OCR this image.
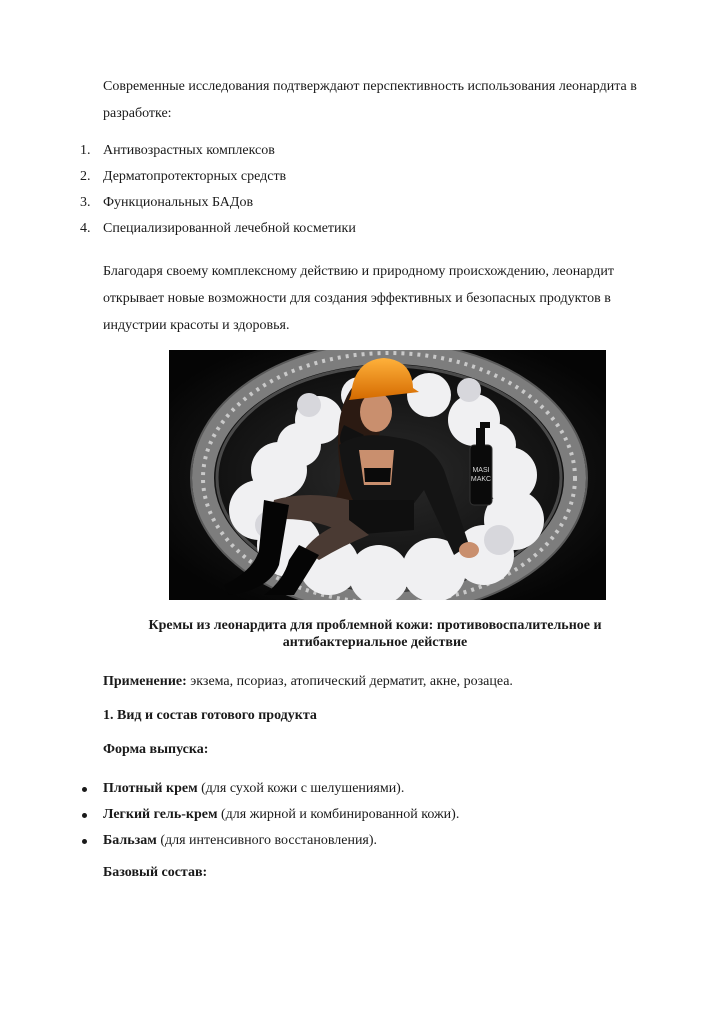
Современные исследования подтверждают перспективность использования леонардита в разработке:

1. Антивозрастных комплексов
2. Дерматопротекторных средств
3. Функциональных БАДов
4. Специализированной лечебной косметики

Благодаря своему комплексному действию и природному происхождению, леонардит открывает новые возможности для создания эффективных и безопасных продуктов в индустрии красоты и здоровья.

MASI
MAKC

Кремы из леонардита для проблемной кожи: противовоспалительное и
антибактериальное действие

Применение: экзема, псориаз, атопический дерматит, акне, розацеа.

1. Вид и состав готового продукта

Форма выпуска:

Плотный крем (для сухой кожи с шелушениями).
Легкий гель-крем (для жирной и комбинированной кожи).
Бальзам (для интенсивного восстановления).

Базовый состав:
